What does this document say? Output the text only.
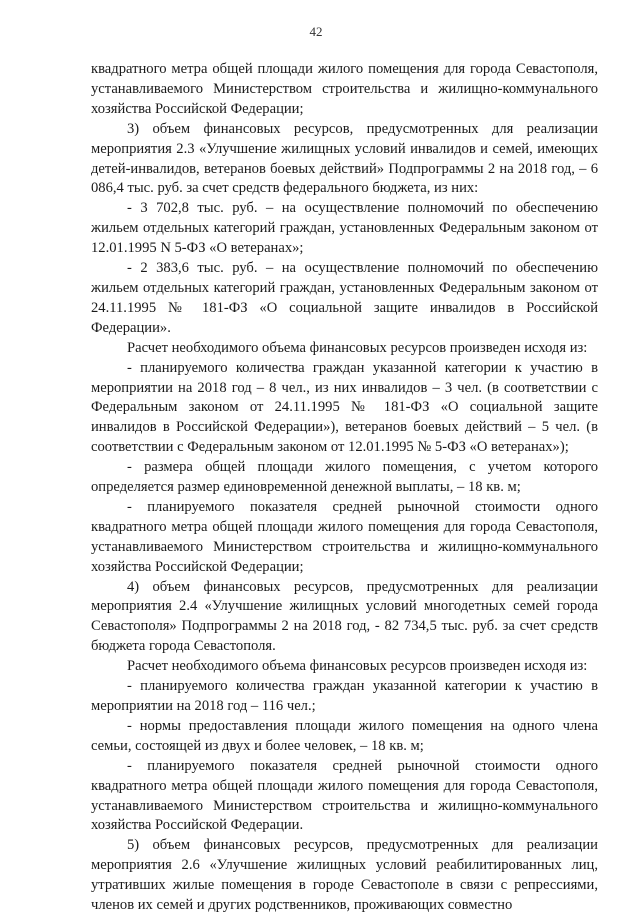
42

квадратного метра общей площади жилого помещения для города Севастополя, устанавливаемого Министерством строительства и жилищно-коммунального хозяйства Российской Федерации;

3) объем финансовых ресурсов, предусмотренных для реализации мероприятия 2.3 «Улучшение жилищных условий инвалидов и семей, имеющих детей-инвалидов, ветеранов боевых действий» Подпрограммы 2 на 2018 год, – 6 086,4 тыс. руб. за счет средств федерального бюджета, из них:

- 3 702,8 тыс. руб. – на осуществление полномочий по обеспечению жильем отдельных категорий граждан, установленных Федеральным законом от 12.01.1995 N 5-ФЗ «О ветеранах»;

- 2 383,6 тыс. руб. – на осуществление полномочий по обеспечению жильем отдельных категорий граждан, установленных Федеральным законом от 24.11.1995 № 181-ФЗ «О социальной защите инвалидов в Российской Федерации».

Расчет необходимого объема финансовых ресурсов произведен исходя из:

- планируемого количества граждан указанной категории к участию в мероприятии на 2018 год – 8 чел., из них инвалидов – 3 чел. (в соответствии с Федеральным законом от 24.11.1995 № 181-ФЗ «О социальной защите инвалидов в Российской Федерации»), ветеранов боевых действий – 5 чел. (в соответствии с Федеральным законом от 12.01.1995 № 5-ФЗ «О ветеранах»);

- размера общей площади жилого помещения, с учетом которого определяется размер единовременной денежной выплаты, – 18 кв. м;

- планируемого показателя средней рыночной стоимости одного квадратного метра общей площади жилого помещения для города Севастополя, устанавливаемого Министерством строительства и жилищно-коммунального хозяйства Российской Федерации;

4) объем финансовых ресурсов, предусмотренных для реализации мероприятия 2.4 «Улучшение жилищных условий многодетных семей города Севастополя» Подпрограммы 2 на 2018 год, - 82 734,5 тыс. руб. за счет средств бюджета города Севастополя.

Расчет необходимого объема финансовых ресурсов произведен исходя из:

- планируемого количества граждан указанной категории к участию в мероприятии на 2018 год – 116 чел.;

- нормы предоставления площади жилого помещения на одного члена семьи, состоящей из двух и более человек, – 18 кв. м;

- планируемого показателя средней рыночной стоимости одного квадратного метра общей площади жилого помещения для города Севастополя, устанавливаемого Министерством строительства и жилищно-коммунального хозяйства Российской Федерации.

5) объем финансовых ресурсов, предусмотренных для реализации мероприятия 2.6 «Улучшение жилищных условий реабилитированных лиц, утративших жилые помещения в городе Севастополе в связи с репрессиями, членов их семей и других родственников, проживающих совместно
